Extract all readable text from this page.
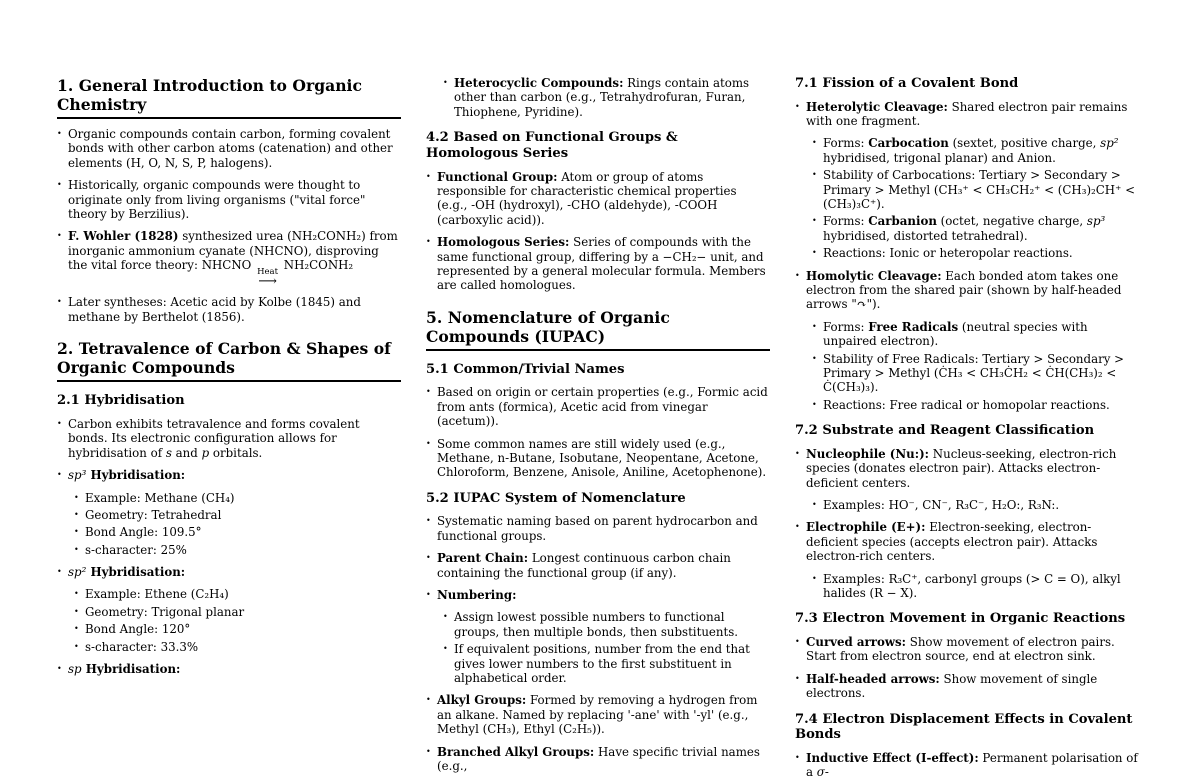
1. General Introduction to Organic Chemistry
• Organic compounds contain carbon, forming covalent bonds with other carbon atoms (catenation) and other elements (H, O, N, S, P, halogens).
• Historically, organic compounds were thought to originate only from living organisms ("vital force" theory by Berzilius).
• F. Wohler (1828) synthesized urea (NH₂CONH₂) from inorganic ammonium cyanate (NHCNO), disproving the vital force theory: NHCNO Heat
⟶
NH₂CONH₂
• Later syntheses: Acetic acid by Kolbe (1845) and methane by Berthelot (1856).
2. Tetravalence of Carbon & Shapes of Organic Compounds
2.1 Hybridisation
• Carbon exhibits tetravalence and forms covalent bonds. Its electronic configuration allows for hybridisation of s and p orbitals.
• sp³ Hybridisation:
• Example: Methane (CH₄)
• Geometry: Tetrahedral
• Bond Angle: 109.5°
• s-character: 25%
• sp² Hybridisation:
• Example: Ethene (C₂H₄)
• Geometry: Trigonal planar
• Bond Angle: 120°
• s-character: 33.3%
• sp Hybridisation:
• Heterocyclic Compounds: Rings contain atoms other than carbon (e.g., Tetrahydrofuran, Furan, Thiophene, Pyridine).
4.2 Based on Functional Groups & Homologous Series
• Functional Group: Atom or group of atoms responsible for characteristic chemical properties (e.g., -OH (hydroxyl), -CHO (aldehyde), -COOH (carboxylic acid)).
• Homologous Series: Series of compounds with the same functional group, differing by a −CH₂− unit, and represented by a general molecular formula. Members are called homologues.
5. Nomenclature of Organic Compounds (IUPAC)
5.1 Common/Trivial Names
• Based on origin or certain properties (e.g., Formic acid from ants (formica), Acetic acid from vinegar (acetum)).
• Some common names are still widely used (e.g., Methane, n-Butane, Isobutane, Neopentane, Acetone, Chloroform, Benzene, Anisole, Aniline, Acetophenone).
5.2 IUPAC System of Nomenclature
• Systematic naming based on parent hydrocarbon and functional groups.
• Parent Chain: Longest continuous carbon chain containing the functional group (if any).
• Numbering:
• Assign lowest possible numbers to functional groups, then multiple bonds, then substituents.
• If equivalent positions, number from the end that gives lower numbers to the first substituent in alphabetical order.
• Alkyl Groups: Formed by removing a hydrogen from an alkane. Named by replacing '-ane' with '-yl' (e.g., Methyl (CH₃), Ethyl (C₂H₅)).
• Branched Alkyl Groups: Have specific trivial names (e.g.,
7.1 Fission of a Covalent Bond
• Heterolytic Cleavage: Shared electron pair remains with one fragment.
• Forms: Carbocation (sextet, positive charge, sp² hybridised, trigonal planar) and Anion.
• Stability of Carbocations: Tertiary > Secondary > Primary > Methyl (CH₃⁺ < CH₃CH₂⁺ < (CH₃)₂CH⁺ < (CH₃)₃C⁺).
• Forms: Carbanion (octet, negative charge, sp³ hybridised, distorted tetrahedral).
• Reactions: Ionic or heteropolar reactions.
• Homolytic Cleavage: Each bonded atom takes one electron from the shared pair (shown by half-headed arrows "↷").
• Forms: Free Radicals (neutral species with unpaired electron).
• Stability of Free Radicals: Tertiary > Secondary > Primary > Methyl (ĊH₃ < CH₃ĊH₂ < ĊH(CH₃)₂ < Ċ(CH₃)₃).
• Reactions: Free radical or homopolar reactions.
7.2 Substrate and Reagent Classification
• Nucleophile (Nu:): Nucleus-seeking, electron-rich species (donates electron pair). Attacks electron-deficient centers.
• Examples: HO⁻, CN⁻, R₃C⁻, H₂O:, R₃N:.
• Electrophile (E+): Electron-seeking, electron-deficient species (accepts electron pair). Attacks electron-rich centers.
• Examples: R₃C⁺, carbonyl groups (> C = O), alkyl halides (R − X).
7.3 Electron Movement in Organic Reactions
• Curved arrows: Show movement of electron pairs. Start from electron source, end at electron sink.
• Half-headed arrows: Show movement of single electrons.
7.4 Electron Displacement Effects in Covalent Bonds
• Inductive Effect (I-effect): Permanent polarisation of a σ-
